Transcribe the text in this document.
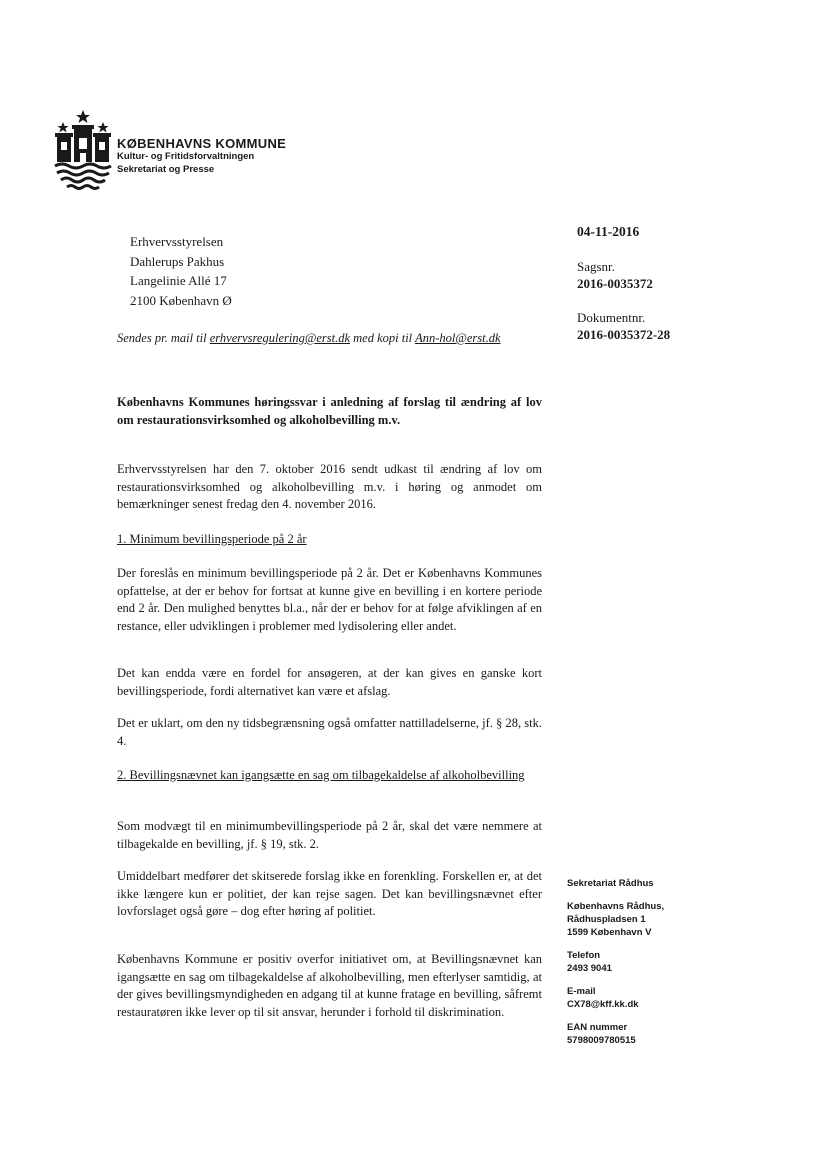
KØBENHAVNS KOMMUNE
Kultur- og Fritidsforvaltningen
Sekretariat og Presse
Erhvervsstyrelsen
Dahlerups Pakhus
Langelinie Allé 17
2100 København Ø
04-11-2016
Sagsnr.
2016-0035372
Dokumentnr.
2016-0035372-28
Sendes pr. mail til erhvervsregulering@erst.dk med kopi til Ann-hol@erst.dk
Københavns Kommunes høringssvar i anledning af forslag til ændring af lov om restaurationsvirksomhed og alkoholbevilling m.v.
Erhvervsstyrelsen har den 7. oktober 2016 sendt udkast til ændring af lov om restaurationsvirksomhed og alkoholbevilling m.v. i høring og anmodet om bemærkninger senest fredag den 4. november 2016.
1. Minimum bevillingsperiode på 2 år
Der foreslås en minimum bevillingsperiode på 2 år. Det er Københavns Kommunes opfattelse, at der er behov for fortsat at kunne give en bevilling i en kortere periode end 2 år. Den mulighed benyttes bl.a., når der er behov for at følge afviklingen af en restance, eller udviklingen i problemer med lydisolering eller andet.
Det kan endda være en fordel for ansøgeren, at der kan gives en ganske kort bevillingsperiode, fordi alternativet kan være et afslag.
Det er uklart, om den ny tidsbegrænsning også omfatter nattilladelserne, jf. § 28, stk. 4.
2. Bevillingsnævnet kan igangsætte en sag om tilbagekaldelse af alkoholbevilling
Som modvægt til en minimumbevillingsperiode på 2 år, skal det være nemmere at tilbagekalde en bevilling, jf. § 19, stk. 2.
Umiddelbart medfører det skitserede forslag ikke en forenkling. Forskellen er, at det ikke længere kun er politiet, der kan rejse sagen. Det kan bevillingsnævnet efter lovforslaget også gøre – dog efter høring af politiet.
Københavns Kommune er positiv overfor initiativet om, at Bevillingsnævnet kan igangsætte en sag om tilbagekaldelse af alkoholbevilling, men efterlyser samtidig, at der gives bevillingsmyndigheden en adgang til at kunne fratage en bevilling, såfremt restauratøren ikke lever op til sit ansvar, herunder i forhold til diskrimination.
Sekretariat Rådhus
Københavns Rådhus,
Rådhuspladsen 1
1599 København V
Telefon
2493 9041
E-mail
CX78@kff.kk.dk
EAN nummer
5798009780515
